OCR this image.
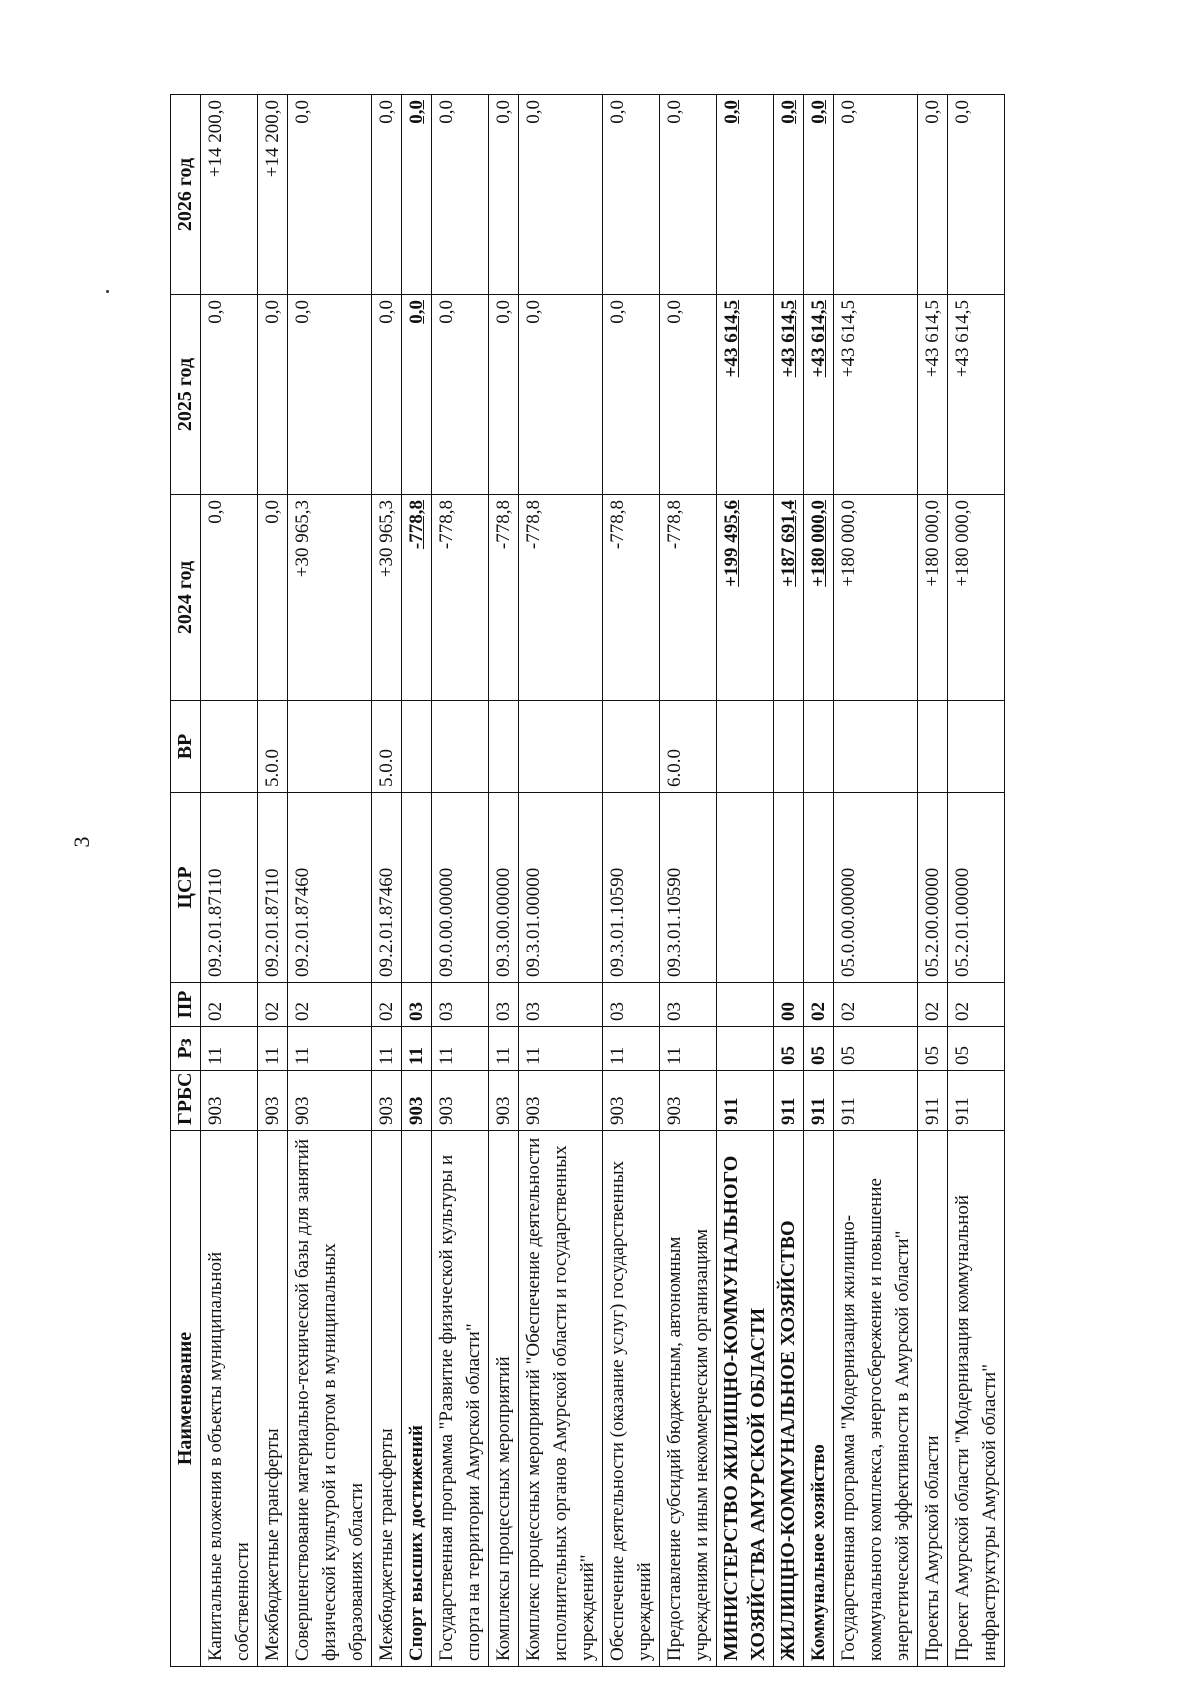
3
Наименование	ГРБС	Рз	ПР	ЦСР	ВР	2024 год	2025 год	2026 год
Капитальные вложения в объекты муниципальной собственности	903	11	02	09.2.01.87110		0,0	0,0	+14 200,0
Межбюджетные трансферты	903	11	02	09.2.01.87110	5.0.0	0,0	0,0	+14 200,0
Совершенствование материально-технической базы для занятий физической культурой и спортом в муниципальных образованиях области	903	11	02	09.2.01.87460		+30 965,3	0,0	0,0
Межбюджетные трансферты	903	11	02	09.2.01.87460	5.0.0	+30 965,3	0,0	0,0
Спорт высших достижений	903	11	03			-778,8	0,0	0,0
Государственная программа "Развитие физической культуры и спорта на территории Амурской области"	903	11	03	09.0.00.00000		-778,8	0,0	0,0
Комплексы процессных мероприятий	903	11	03	09.3.00.00000		-778,8	0,0	0,0
Комплекс процессных мероприятий "Обеспечение деятельности исполнительных органов Амурской области и государственных учреждений"	903	11	03	09.3.01.00000		-778,8	0,0	0,0
Обеспечение деятельности (оказание услуг) государственных учреждений	903	11	03	09.3.01.10590		-778,8	0,0	0,0
Предоставление субсидий бюджетным, автономным учреждениям и иным некоммерческим организациям	903	11	03	09.3.01.10590	6.0.0	-778,8	0,0	0,0
МИНИСТЕРСТВО ЖИЛИЩНО-КОММУНАЛЬНОГО ХОЗЯЙСТВА АМУРСКОЙ ОБЛАСТИ	911					+199 495,6	+43 614,5	0,0
ЖИЛИЩНО-КОММУНАЛЬНОЕ ХОЗЯЙСТВО	911	05	00			+187 691,4	+43 614,5	0,0
Коммунальное хозяйство	911	05	02			+180 000,0	+43 614,5	0,0
Государственная программа "Модернизация жилищно-коммунального комплекса, энергосбережение и повышение энергетической эффективности в Амурской области"	911	05	02	05.0.00.00000		+180 000,0	+43 614,5	0,0
Проекты Амурской области	911	05	02	05.2.00.00000		+180 000,0	+43 614,5	0,0
Проект Амурской области "Модернизация коммунальной инфраструктуры Амурской области"	911	05	02	05.2.01.00000		+180 000,0	+43 614,5	0,0
